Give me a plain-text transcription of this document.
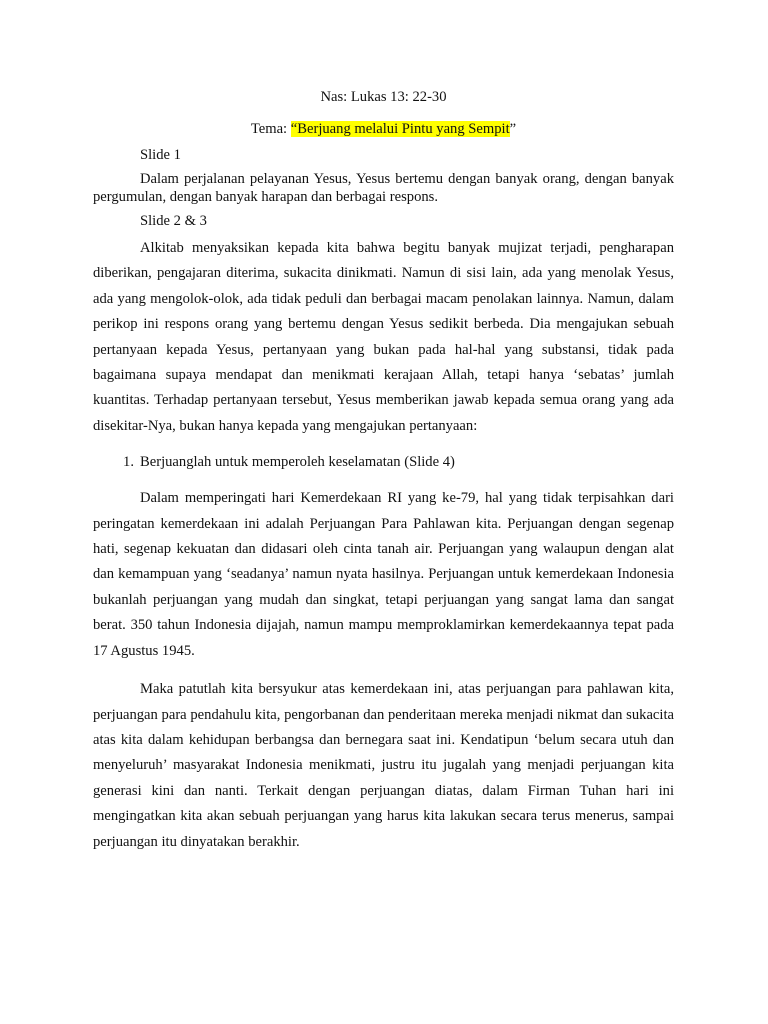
Nas: Lukas 13: 22-30

Tema: “Berjuang melalui Pintu yang Sempit”

Slide 1

Dalam perjalanan pelayanan Yesus, Yesus bertemu dengan banyak orang, dengan banyak pergumulan, dengan banyak harapan dan berbagai respons.

Slide 2 & 3

Alkitab menyaksikan kepada kita bahwa begitu banyak mujizat terjadi, pengharapan diberikan, pengajaran diterima, sukacita dinikmati. Namun di sisi lain, ada yang menolak Yesus, ada yang mengolok-olok, ada tidak peduli dan berbagai macam penolakan lainnya. Namun, dalam perikop ini respons orang yang bertemu dengan Yesus sedikit berbeda. Dia mengajukan sebuah pertanyaan kepada Yesus, pertanyaan yang bukan pada hal-hal yang substansi, tidak pada bagaimana supaya mendapat dan menikmati kerajaan Allah, tetapi hanya ‘sebatas’ jumlah kuantitas. Terhadap pertanyaan tersebut, Yesus memberikan jawab kepada semua orang yang ada disekitar-Nya, bukan hanya kepada yang mengajukan pertanyaan:

1. Berjuanglah untuk memperoleh keselamatan (Slide 4)

Dalam memperingati hari Kemerdekaan RI yang ke-79, hal yang tidak terpisahkan dari peringatan kemerdekaan ini adalah Perjuangan Para Pahlawan kita. Perjuangan dengan segenap hati, segenap kekuatan dan didasari oleh cinta tanah air. Perjuangan yang walaupun dengan alat dan kemampuan yang ‘seadanya’ namun nyata hasilnya. Perjuangan untuk kemerdekaan Indonesia bukanlah perjuangan yang mudah dan singkat, tetapi perjuangan yang sangat lama dan sangat berat. 350 tahun Indonesia dijajah, namun mampu memproklamirkan kemerdekaannya tepat pada 17 Agustus 1945.

Maka patutlah kita bersyukur atas kemerdekaan ini, atas perjuangan para pahlawan kita, perjuangan para pendahulu kita, pengorbanan dan penderitaan mereka menjadi nikmat dan sukacita atas kita dalam kehidupan berbangsa dan bernegara saat ini. Kendatipun ‘belum secara utuh dan menyeluruh’ masyarakat Indonesia menikmati, justru itu jugalah yang menjadi perjuangan kita generasi kini dan nanti. Terkait dengan perjuangan diatas, dalam Firman Tuhan hari ini mengingatkan kita akan sebuah perjuangan yang harus kita lakukan secara terus menerus, sampai perjuangan itu dinyatakan berakhir.
